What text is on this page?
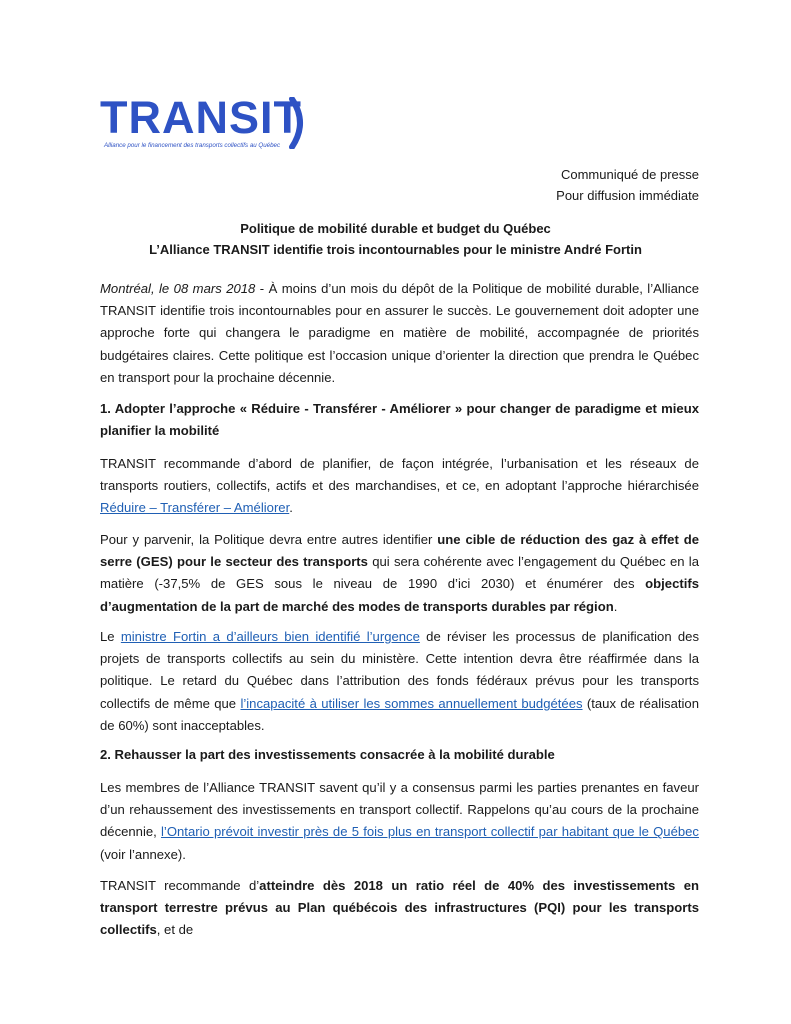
TRANSIT
Alliance pour le financement des transports collectifs au Québec
Communiqué de presse
Pour diffusion immédiate
Politique de mobilité durable et budget du Québec
L’Alliance TRANSIT identifie trois incontournables pour le ministre André Fortin

Montréal, le 08 mars 2018 - À moins d’un mois du dépôt de la Politique de mobilité durable, l’Alliance TRANSIT identifie trois incontournables pour en assurer le succès. Le gouvernement doit adopter une approche forte qui changera le paradigme en matière de mobilité, accompagnée de priorités budgétaires claires. Cette politique est l’occasion unique d’orienter la direction que prendra le Québec en transport pour la prochaine décennie.

1. Adopter l’approche « Réduire - Transférer - Améliorer » pour changer de paradigme et mieux planifier la mobilité

TRANSIT recommande d’abord de planifier, de façon intégrée, l’urbanisation et les réseaux de transports routiers, collectifs, actifs et des marchandises, et ce, en adoptant l’approche hiérarchisée Réduire – Transférer – Améliorer.

Pour y parvenir, la Politique devra entre autres identifier une cible de réduction des gaz à effet de serre (GES) pour le secteur des transports qui sera cohérente avec l’engagement du Québec en la matière (-37,5% de GES sous le niveau de 1990 d’ici 2030) et énumérer des objectifs d’augmentation de la part de marché des modes de transports durables par région.

Le ministre Fortin a d’ailleurs bien identifié l’urgence de réviser les processus de planification des projets de transports collectifs au sein du ministère. Cette intention devra être réaffirmée dans la politique. Le retard du Québec dans l’attribution des fonds fédéraux prévus pour les transports collectifs de même que l’incapacité à utiliser les sommes annuellement budgétées (taux de réalisation de 60%) sont inacceptables.

2. Rehausser la part des investissements consacrée à la mobilité durable

Les membres de l’Alliance TRANSIT savent qu’il y a consensus parmi les parties prenantes en faveur d’un rehaussement des investissements en transport collectif. Rappelons qu’au cours de la prochaine décennie, l’Ontario prévoit investir près de 5 fois plus en transport collectif par habitant que le Québec (voir l’annexe).

TRANSIT recommande d’atteindre dès 2018 un ratio réel de 40% des investissements en transport terrestre prévus au Plan québécois des infrastructures (PQI) pour les transports collectifs, et de
